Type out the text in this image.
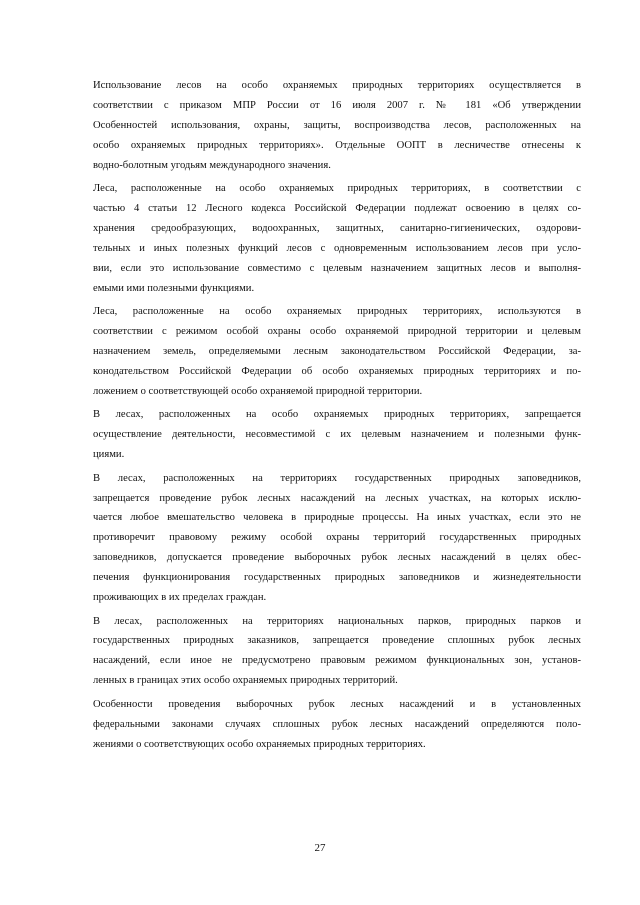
Использование лесов на особо охраняемых природных территориях осуществляется в
соответствии с приказом МПР России от 16 июля 2007 г. № 181 «Об утверждении
Особенностей использования, охраны, защиты, воспроизводства лесов, расположенных на
особо охраняемых природных территориях». Отдельные ООПТ в лесничестве отнесены к
водно-болотным угодьям международного значения.

Леса, расположенные на особо охраняемых природных территориях, в соответствии с
частью 4 статьи 12 Лесного кодекса Российской Федерации подлежат освоению в целях со-
хранения средообразующих, водоохранных, защитных, санитарно-гигиенических, оздорови-
тельных и иных полезных функций лесов с одновременным использованием лесов при усло-
вии, если это использование совместимо с целевым назначением защитных лесов и выполня-
емыми ими полезными функциями.

Леса, расположенные на особо охраняемых природных территориях, используются в
соответствии с режимом особой охраны особо охраняемой природной территории и целевым
назначением земель, определяемыми лесным законодательством Российской Федерации, за-
конодательством Российской Федерации об особо охраняемых природных территориях и по-
ложением о соответствующей особо охраняемой природной территории.

В лесах, расположенных на особо охраняемых природных территориях, запрещается
осуществление деятельности, несовместимой с их целевым назначением и полезными функ-
циями.

В лесах, расположенных на территориях государственных природных заповедников,
запрещается проведение рубок лесных насаждений на лесных участках, на которых исклю-
чается любое вмешательство человека в природные процессы. На иных участках, если это не
противоречит правовому режиму особой охраны территорий государственных природных
заповедников, допускается проведение выборочных рубок лесных насаждений в целях обес-
печения функционирования государственных природных заповедников и жизнедеятельности
проживающих в их пределах граждан.

В лесах, расположенных на территориях национальных парков, природных парков и
государственных природных заказников, запрещается проведение сплошных рубок лесных
насаждений, если иное не предусмотрено правовым режимом функциональных зон, установ-
ленных в границах этих особо охраняемых природных территорий.

Особенности проведения выборочных рубок лесных насаждений и в установленных
федеральными законами случаях сплошных рубок лесных насаждений определяются поло-
жениями о соответствующих особо охраняемых природных территориях.

27
